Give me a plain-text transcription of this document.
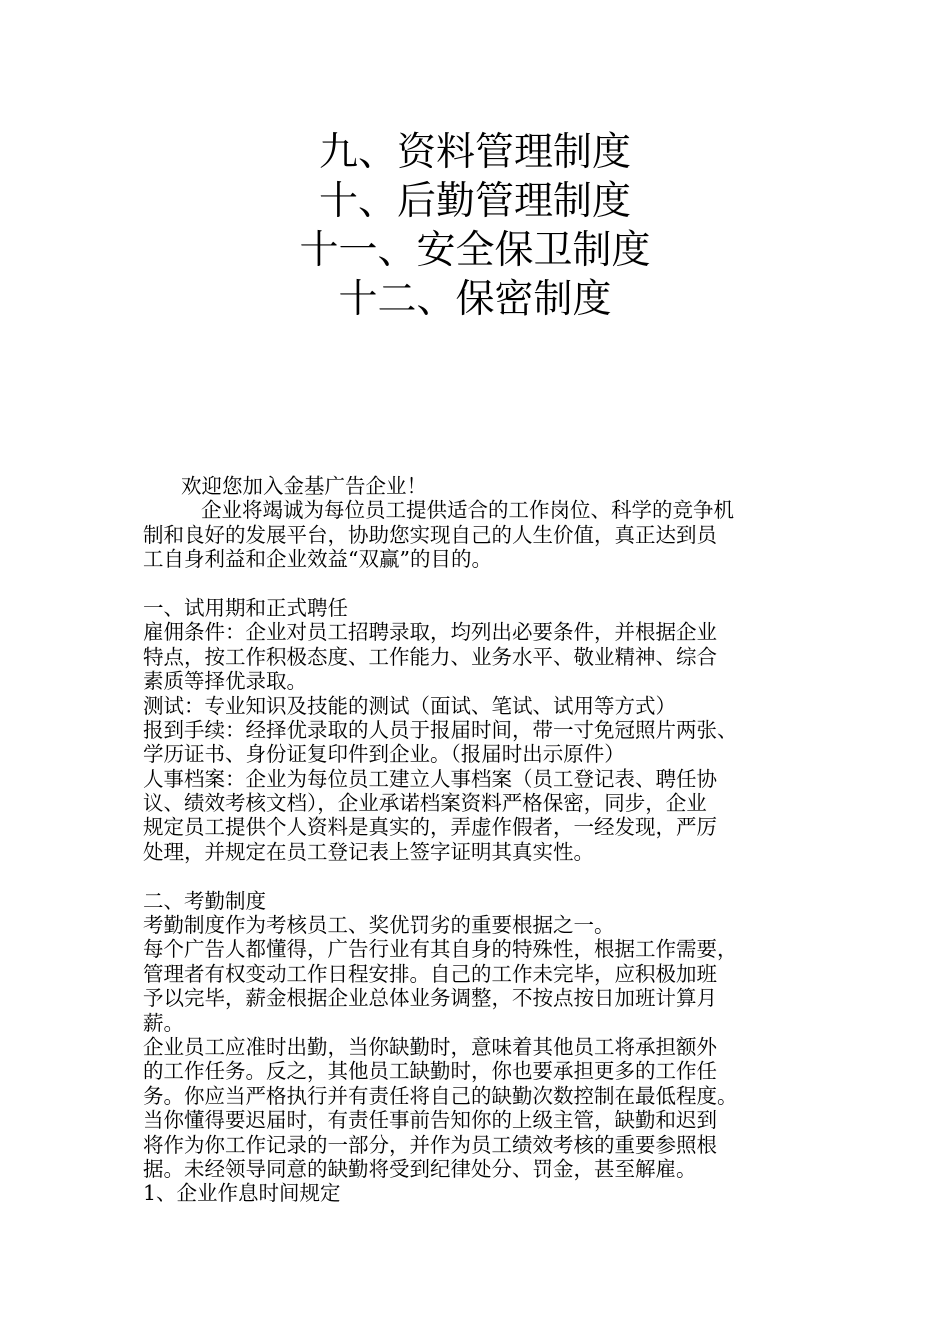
九、资料管理制度
十、后勤管理制度
十一、安全保卫制度
十二、保密制度
欢迎您加入金基广告企业！
企业将竭诚为每位员工提供适合的工作岗位、科学的竞争机
制和良好的发展平台，协助您实现自己的人生价值，真正达到员
工自身利益和企业效益“双赢”的目的。
一、试用期和正式聘任
雇佣条件：企业对员工招聘录取，均列出必要条件，并根据企业
特点，按工作积极态度、工作能力、业务水平、敬业精神、综合
素质等择优录取。
测试：专业知识及技能的测试（面试、笔试、试用等方式）
报到手续：经择优录取的人员于报届时间，带一寸免冠照片两张、
学历证书、身份证复印件到企业。（报届时出示原件）
人事档案：企业为每位员工建立人事档案（员工登记表、聘任协
议、绩效考核文档），企业承诺档案资料严格保密，同步，企业
规定员工提供个人资料是真实的，弄虚作假者，一经发现，严厉
处理，并规定在员工登记表上签字证明其真实性。
二、考勤制度
考勤制度作为考核员工、奖优罚劣的重要根据之一。
每个广告人都懂得，广告行业有其自身的特殊性，根据工作需要，
管理者有权变动工作日程安排。自己的工作未完毕，应积极加班
予以完毕，薪金根据企业总体业务调整，不按点按日加班计算月
薪。
企业员工应准时出勤，当你缺勤时，意味着其他员工将承担额外
的工作任务。反之，其他员工缺勤时，你也要承担更多的工作任
务。你应当严格执行并有责任将自己的缺勤次数控制在最低程度。
当你懂得要迟届时，有责任事前告知你的上级主管，缺勤和迟到
将作为你工作记录的一部分，并作为员工绩效考核的重要参照根
据。未经领导同意的缺勤将受到纪律处分、罚金，甚至解雇。
1、企业作息时间规定
